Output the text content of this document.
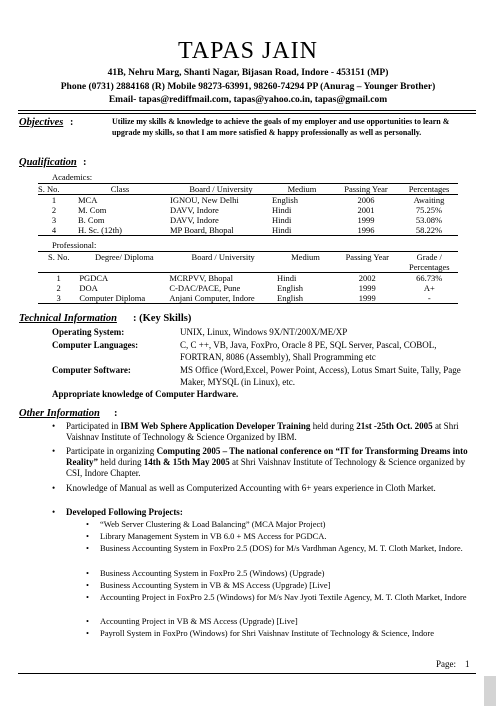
TAPAS JAIN
41B, Nehru Marg, Shanti Nagar, Bijasan Road, Indore - 453151 (MP)
Phone (0731) 2884168 (R) Mobile 98273-63991, 98260-74294 PP (Anurag – Younger Brother)
Email- tapas@rediffmail.com, tapas@yahoo.co.in, tapas@gmail.com
Objectives :	Utilize my skills & knowledge to achieve the goals of my employer and use opportunities to learn & upgrade my skills, so that I am more satisfied & happy professionally as well as personally.
Qualification :
Academics:
S. No.	Class	Board / University	Medium	Passing Year	Percentages
1	MCA	IGNOU, New Delhi	English	2006	Awaiting
2	M. Com	DAVV, Indore	Hindi	2001	75.25%
3	B. Com	DAVV, Indore	Hindi	1999	53.08%
4	H. Sc. (12th)	MP Board, Bhopal	Hindi	1996	58.22%
Professional:
S. No.	Degree/ Diploma	Board / University	Medium	Passing Year	Grade / Percentages
1	PGDCA	MCRPVV, Bhopal	Hindi	2002	66.73%
2	DOA	C-DAC/PACE, Pune	English	1999	A+
3	Computer Diploma	Anjani Computer, Indore	English	1999	-
Technical Information : (Key Skills)
Operating System:	UNIX, Linux, Windows 9X/NT/200X/ME/XP
Computer Languages:	C, C ++, VB, Java, FoxPro, Oracle 8 PE, SQL Server, Pascal, COBOL, FORTRAN, 8086 (Assembly), Shall Programming etc
Computer Software:	MS Office (Word,Excel, Power Point, Access), Lotus Smart Suite, Tally, Page Maker, MYSQL (in Linux), etc.
Appropriate knowledge of Computer Hardware.
Other Information :
• Participated in IBM Web Sphere Application Developer Training held during 21st -25th Oct. 2005 at Shri Vaishnav Institute of Technology & Science Organized by IBM.
• Participate in organizing Computing 2005 – The national conference on “IT for Transforming Dreams into Reality” held during 14th & 15th May 2005 at Shri Vaishnav Institute of Technology & Science organized by CSI, Indore Chapter.
• Knowledge of Manual as well as Computerized Accounting with 6+ years experience in Cloth Market.
• Developed Following Projects:
• “Web Server Clustering & Load Balancing” (MCA Major Project)
• Library Management System in VB 6.0 + MS Access for PGDCA.
• Business Accounting System in FoxPro 2.5 (DOS) for M/s Vardhman Agency, M. T. Cloth Market, Indore.
• Business Accounting System in FoxPro 2.5 (Windows) (Upgrade)
• Business Accounting System in VB & MS Access (Upgrade) [Live]
• Accounting Project in FoxPro 2.5 (Windows) for M/s Nav Jyoti Textile Agency, M. T. Cloth Market, Indore
• Accounting Project in VB & MS Access (Upgrade) [Live]
• Payroll System in FoxPro (Windows) for Shri Vaishnav Institute of Technology & Science, Indore
Page: 1
